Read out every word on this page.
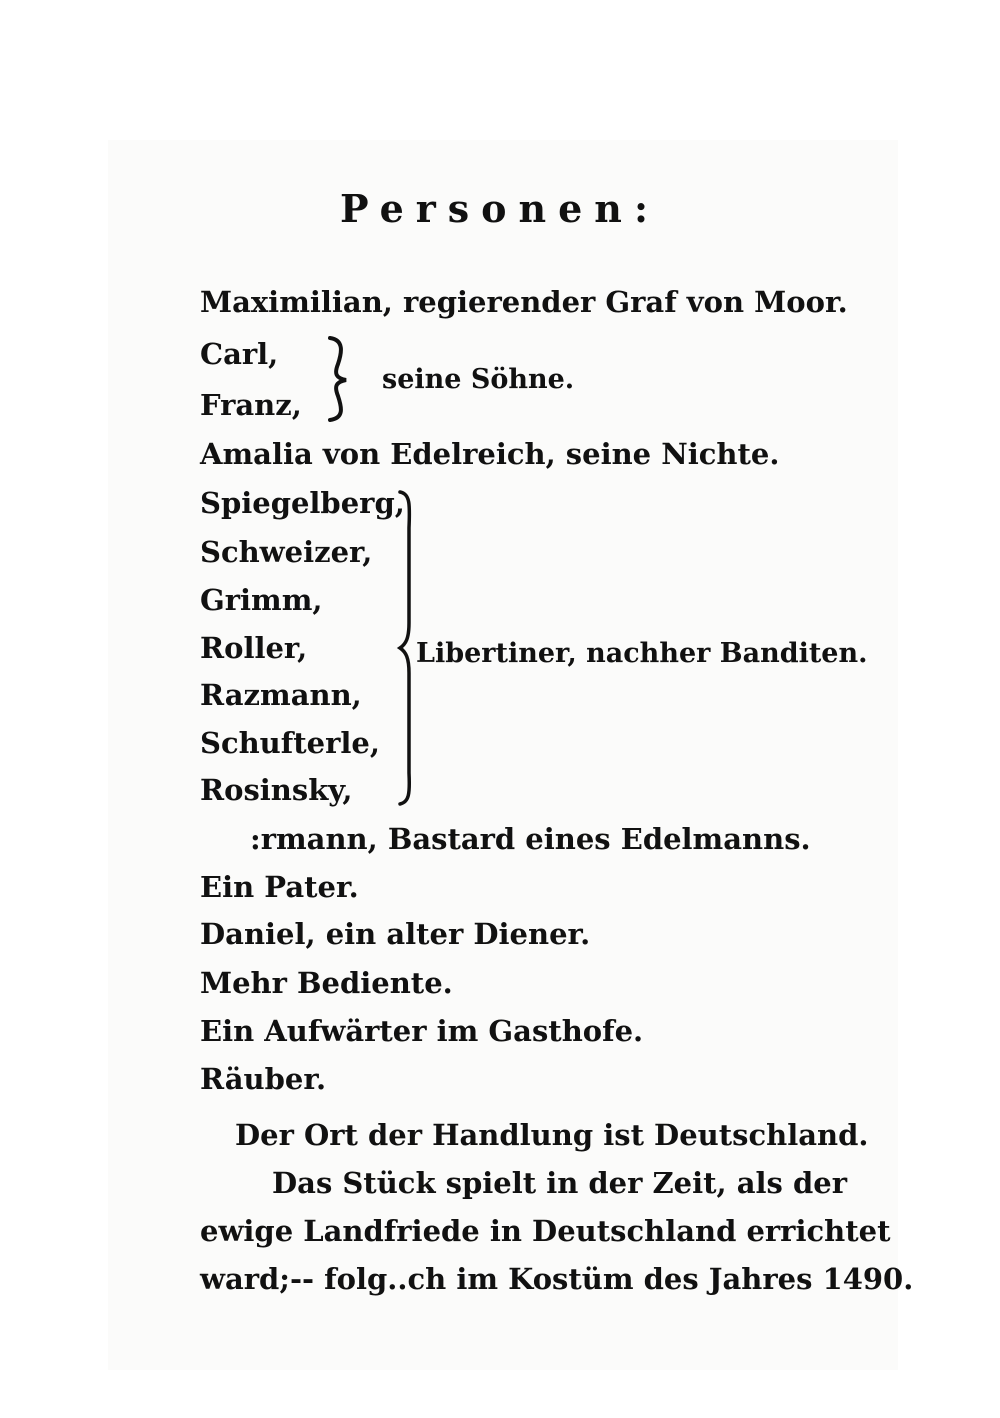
Personen:
Maximilian, regierender Graf von Moor.
Carl,
Franz,
seine Söhne.
Amalia von Edelreich, seine Nichte.
Spiegelberg,
Schweizer,
Grimm,
Roller,
Razmann,
Schufterle,
Rosinsky,
Libertiner, nachher Banditen.
:rmann, Bastard eines Edelmanns.
Ein Pater.
Daniel, ein alter Diener.
Mehr Bediente.
Ein Aufwärter im Gasthofe.
Räuber.
Der Ort der Handlung ist Deutschland.
Das Stück spielt in der Zeit, als der
ewige Landfriede in Deutschland errichtet
ward;-- folg..ch im Kostüm des Jahres 1490.
